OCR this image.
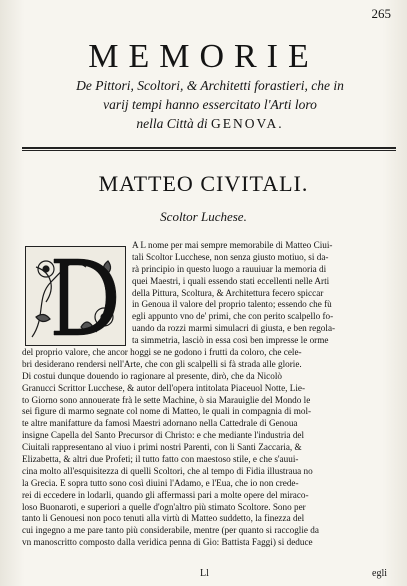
265
MEMORIE
De Pittori, Scoltori, & Architetti forastieri, che in
varij tempi hanno essercitato l'Arti loro
nella Città di GENOVA.
MATTEO CIVITALI.
Scoltor Luchese.
A L nome per mai sempre memorabile di Matteo Ciui-
tali Scoltor Lucchese, non senza giusto motiuo, si da-
rà principio in questo luogo a rauuiuar la memoria di
quei Maestri, i quali essendo stati eccellenti nelle Arti
della Pittura, Scoltura, & Architettura fecero spiccar
in Genoua il valore del proprio talento; essendo che fù
egli appunto vno de' primi, che con perito scalpello fo-
uando da rozzi marmi simulacri di giusta, e ben regola-
ta simmetria, lasciò in essa così ben impresse le orme
del proprio valore, che ancor hoggi se ne godono i frutti da coloro, che cele-
bri desiderano rendersi nell'Arte, che con gli scalpelli si fà strada alle glorie.
Di costui dunque douendo io ragionare al presente, dirò, che da Nicolò
Granucci Scrittor Lucchese, & autor dell'opera intitolata Piaceuol Notte, Lie-
to Giorno sono annouerate frà le sette Machine, ò sia Marauiglie del Mondo le
sei figure di marmo segnate col nome di Matteo, le quali in compagnia di mol-
te altre manifatture da famosi Maestri adornano nella Cattedrale di Genoua
insigne Capella del Santo Precursor di Christo: e che mediante l'industria del
Ciuitali rappresentano al viuo i primi nostri Parenti, con li Santi Zaccaria, &
Elizabetta, & altri due Profeti; il tutto fatto con maestoso stile, e che s'auui-
cina molto all'esquisitezza di quelli Scoltori, che al tempo di Fidia illustraua no
la Grecia. E sopra tutto sono così diuini l'Adamo, e l'Eua, che io non crede-
rei di eccedere in lodarli, quando gli affermassi pari a molte opere del miraco-
loso Buonaroti, e superiori a quelle d'ogn'altro più stimato Scoltore. Sono per
tanto li Genouesi non poco tenuti alla virtù di Matteo suddetto, la finezza del
cui ingegno a me pare tanto più considerabile, mentre (per quanto si raccoglie da
vn manoscritto composto dalla veridica penna di Gio: Battista Faggi) si deduce
Ll	egli
